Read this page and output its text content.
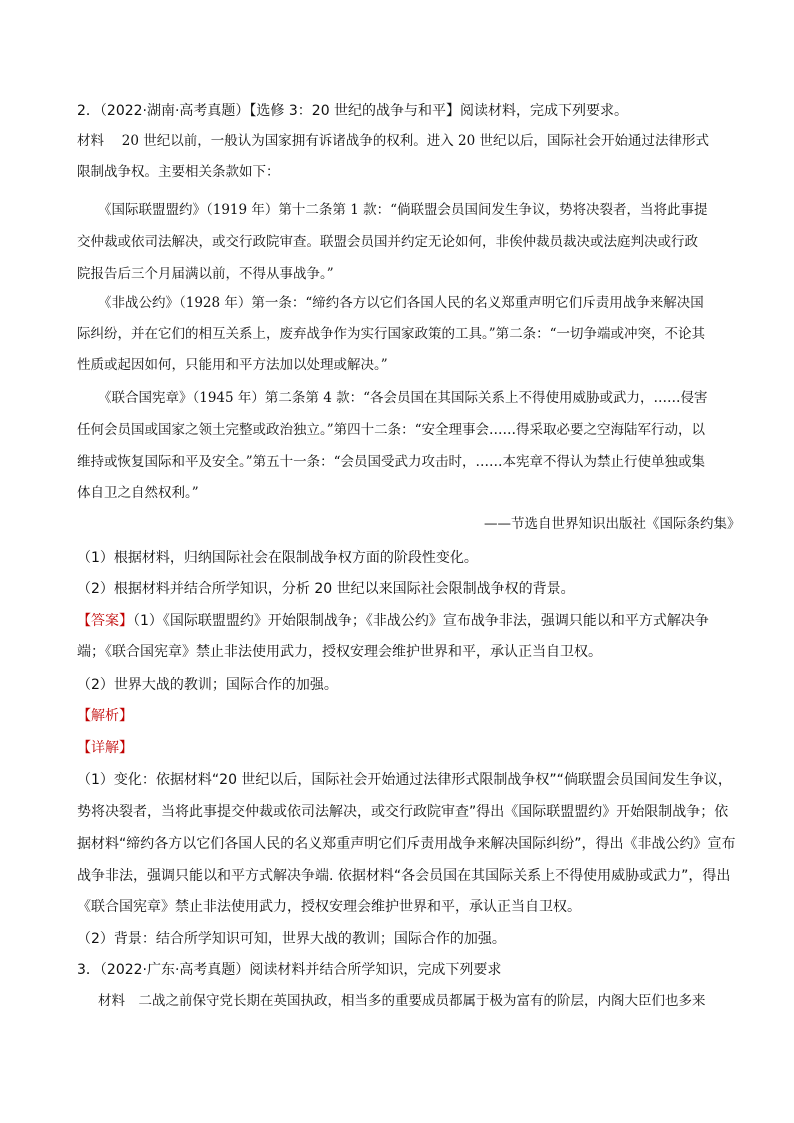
2．（2022·湖南·高考真题）【选修 3：20 世纪的战争与和平】阅读材料，完成下列要求。
材料　 20 世纪以前，一般认为国家拥有诉诸战争的权利。进入 20 世纪以后，国际社会开始通过法律形式
限制战争权。主要相关条款如下：
《国际联盟盟约》（1919 年）第十二条第 1 款：“倘联盟会员国间发生争议，势将决裂者，当将此事提
交仲裁或依司法解决，或交行政院审查。联盟会员国并约定无论如何，非俟仲裁员裁决或法庭判决或行政
院报告后三个月届满以前，不得从事战争。”
《非战公约》（1928 年）第一条：“缔约各方以它们各国人民的名义郑重声明它们斥责用战争来解决国
际纠纷，并在它们的相互关系上，废弃战争作为实行国家政策的工具。”第二条：“一切争端或冲突，不论其
性质或起因如何，只能用和平方法加以处理或解决。”
《联合国宪章》（1945 年）第二条第 4 款：“各会员国在其国际关系上不得使用威胁或武力，……侵害
任何会员国或国家之领土完整或政治独立。”第四十二条：“安全理事会……得采取必要之空海陆军行动，以
维持或恢复国际和平及安全。”第五十一条：“会员国受武力攻击时，……本宪章不得认为禁止行使单独或集
体自卫之自然权利。”
——节选自世界知识出版社《国际条约集》
（1）根据材料，归纳国际社会在限制战争权方面的阶段性变化。
（2）根据材料并结合所学知识，分析 20 世纪以来国际社会限制战争权的背景。
【答案】（1）《国际联盟盟约》开始限制战争；《非战公约》宣布战争非法，强调只能以和平方式解决争
端；《联合国宪章》禁止非法使用武力，授权安理会维护世界和平，承认正当自卫权。
（2）世界大战的教训；国际合作的加强。
【解析】
【详解】
（1）变化：依据材料“20 世纪以后，国际社会开始通过法律形式限制战争权”“倘联盟会员国间发生争议，
势将决裂者，当将此事提交仲裁或依司法解决，或交行政院审查”得出《国际联盟盟约》开始限制战争；依
据材料“缔约各方以它们各国人民的名义郑重声明它们斥责用战争来解决国际纠纷”，得出《非战公约》宣布
战争非法，强调只能以和平方式解决争端. 依据材料“各会员国在其国际关系上不得使用威胁或武力”，得出
《联合国宪章》禁止非法使用武力，授权安理会维护世界和平，承认正当自卫权。
（2）背景：结合所学知识可知，世界大战的教训；国际合作的加强。
3．（2022·广东·高考真题）阅读材料并结合所学知识，完成下列要求
材料　二战之前保守党长期在英国执政，相当多的重要成员都属于极为富有的阶层，内阁大臣们也多来
